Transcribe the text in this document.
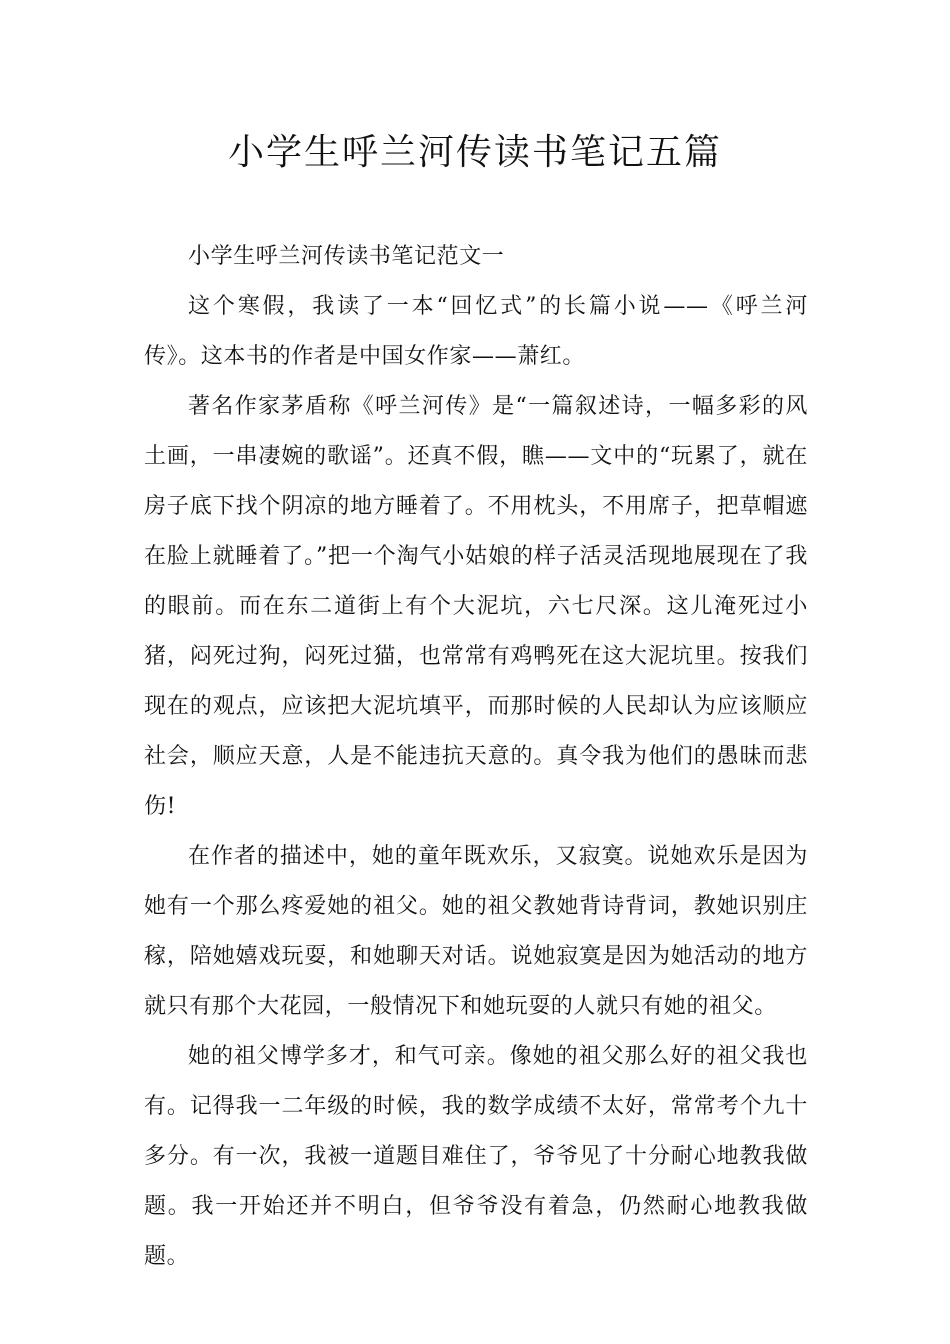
小学生呼兰河传读书笔记五篇

小学生呼兰河传读书笔记范文一

这个寒假，我读了一本“回忆式”的长篇小说——《呼兰河传》。这本书的作者是中国女作家——萧红。

著名作家茅盾称《呼兰河传》是“一篇叙述诗，一幅多彩的风土画，一串凄婉的歌谣”。还真不假，瞧——文中的“玩累了，就在房子底下找个阴凉的地方睡着了。不用枕头，不用席子，把草帽遮在脸上就睡着了。”把一个淘气小姑娘的样子活灵活现地展现在了我的眼前。而在东二道街上有个大泥坑，六七尺深。这儿淹死过小猪，闷死过狗，闷死过猫，也常常有鸡鸭死在这大泥坑里。按我们现在的观点，应该把大泥坑填平，而那时候的人民却认为应该顺应社会，顺应天意，人是不能违抗天意的。真令我为他们的愚昧而悲伤!

在作者的描述中，她的童年既欢乐，又寂寞。说她欢乐是因为她有一个那么疼爱她的祖父。她的祖父教她背诗背词，教她识别庄稼，陪她嬉戏玩耍，和她聊天对话。说她寂寞是因为她活动的地方就只有那个大花园，一般情况下和她玩耍的人就只有她的祖父。

她的祖父博学多才，和气可亲。像她的祖父那么好的祖父我也有。记得我一二年级的时候，我的数学成绩不太好，常常考个九十多分。有一次，我被一道题目难住了，爷爷见了十分耐心地教我做题。我一开始还并不明白，但爷爷没有着急，仍然耐心地教我做题。
